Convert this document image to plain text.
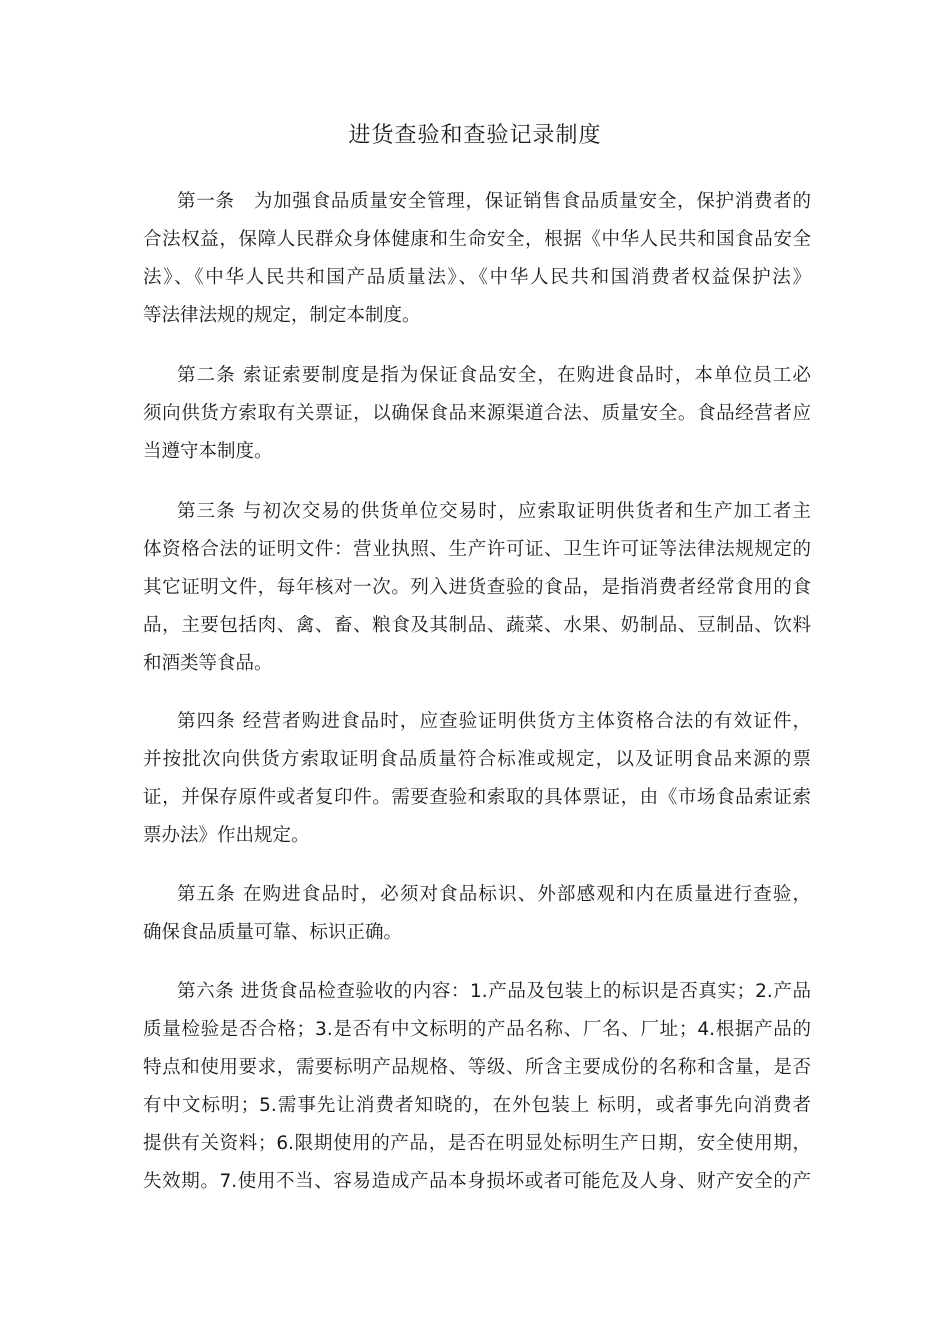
进货查验和查验记录制度
第一条　为加强食品质量安全管理，保证销售食品质量安全，保护消费者的
合法权益，保障人民群众身体健康和生命安全，根据《中华人民共和国食品安全
法》、《中华人民共和国产品质量法》、《中华人民共和国消费者权益保护法》
等法律法规的规定，制定本制度。
第二条 索证索要制度是指为保证食品安全，在购进食品时，本单位员工必
须向供货方索取有关票证，以确保食品来源渠道合法、质量安全。食品经营者应
当遵守本制度。
第三条 与初次交易的供货单位交易时，应索取证明供货者和生产加工者主
体资格合法的证明文件：营业执照、生产许可证、卫生许可证等法律法规规定的
其它证明文件，每年核对一次。列入进货查验的食品，是指消费者经常食用的食
品，主要包括肉、禽、畜、粮食及其制品、蔬菜、水果、奶制品、豆制品、饮料
和酒类等食品。
第四条 经营者购进食品时，应查验证明供货方主体资格合法的有效证件，
并按批次向供货方索取证明食品质量符合标准或规定，以及证明食品来源的票
证，并保存原件或者复印件。需要查验和索取的具体票证，由《市场食品索证索
票办法》作出规定。
第五条 在购进食品时，必须对食品标识、外部感观和内在质量进行查验，
确保食品质量可靠、标识正确。
第六条 进货食品检查验收的内容：1.产品及包装上的标识是否真实；2.产品
质量检验是否合格；3.是否有中文标明的产品名称、厂名、厂址；4.根据产品的
特点和使用要求，需要标明产品规格、等级、所含主要成份的名称和含量，是否
有中文标明；5.需事先让消费者知晓的，在外包装上 标明，或者事先向消费者
提供有关资料；6.限期使用的产品，是否在明显处标明生产日期，安全使用期，
失效期。7.使用不当、容易造成产品本身损坏或者可能危及人身、财产安全的产
